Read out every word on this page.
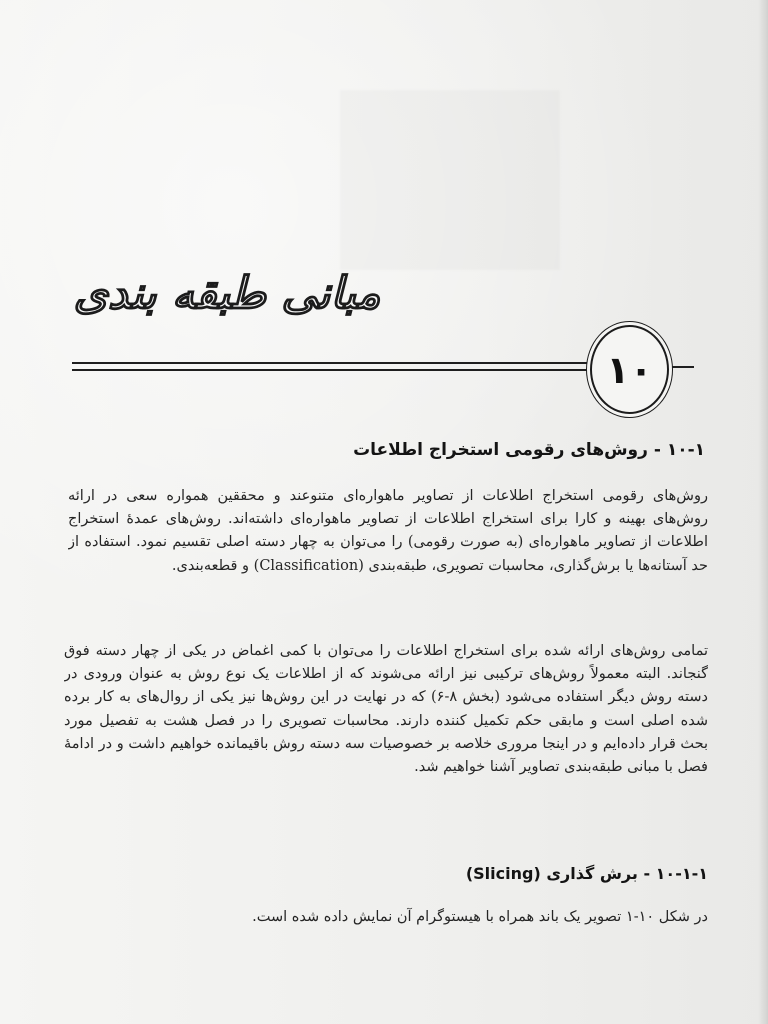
مبانی طبقه بندی
۱۰
۱۰-۱ - روش‌های رقومی استخراج اطلاعات
روش‌های رقومی استخراج اطلاعات از تصاویر ماهواره‌ای متنوعند و محققین همواره سعی در ارائه روش‌های بهینه و کارا برای استخراج اطلاعات از تصاویر ماهواره‌ای داشته‌اند. روش‌های عمدهٔ استخراج اطلاعات از تصاویر ماهواره‌ای (به صورت رقومی) را می‌توان به چهار دسته اصلی تقسیم نمود. استفاده از حد آستانه‌ها یا برش‌گذاری، محاسبات تصویری، طبقه‌بندی (Classification) و قطعه‌بندی.
تمامی روش‌های ارائه شده برای استخراج اطلاعات را می‌توان با کمی اغماض در یکی از چهار دسته فوق گنجاند. البته معمولاً روش‌های ترکیبی نیز ارائه می‌شوند که از اطلاعات یک نوع روش به عنوان ورودی در دسته روش دیگر استفاده می‌شود (بخش ۸-۶) که در نهایت در این روش‌ها نیز یکی از روال‌های به کار برده شده اصلی است و مابقی حکم تکمیل کننده دارند. محاسبات تصویری را در فصل هشت به تفصیل مورد بحث قرار داده‌ایم و در اینجا مروری خلاصه بر خصوصیات سه دسته روش باقیمانده خواهیم داشت و در ادامهٔ فصل با مبانی طبقه‌بندی تصاویر آشنا خواهیم شد.
۱۰-۱-۱ - برش گذاری (Slicing)
در شکل ۱۰-۱ تصویر یک باند همراه با هیستوگرام آن نمایش داده شده است.
